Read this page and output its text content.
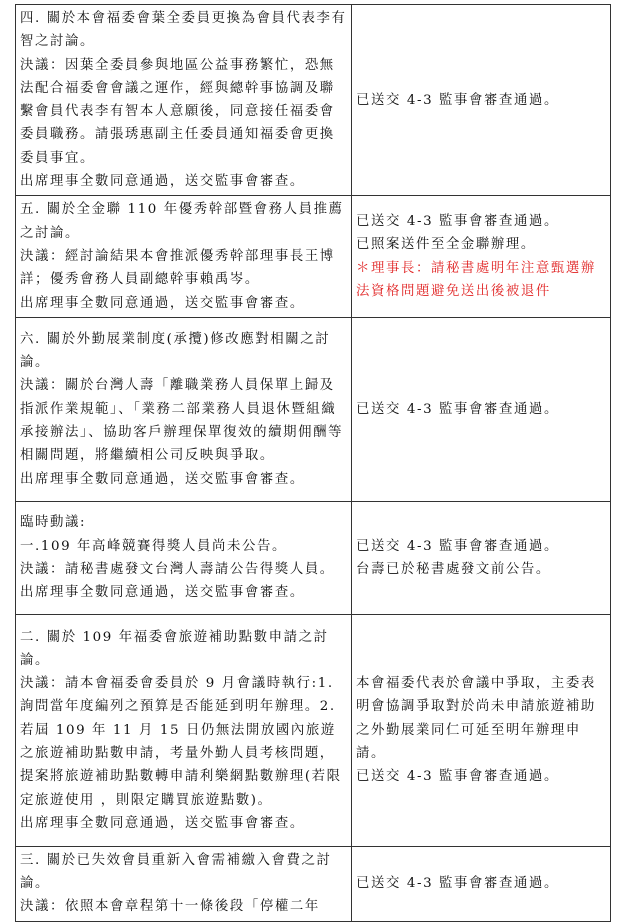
四. 關於本會福委會葉全委員更換為會員代表李有智之討論。
決議：因葉全委員參與地區公益事務繁忙，恐無法配合福委會會議之運作，經與總幹事協調及聯繫會員代表李有智本人意願後，同意接任福委會委員職務。請張琇惠副主任委員通知福委會更換委員事宜。
出席理事全數同意通過，送交監事會審查。	已送交 4-3 監事會審查通過。

五. 關於全金聯 110 年優秀幹部暨會務人員推薦之討論。
決議：經討論結果本會推派優秀幹部理事長王博詳；優秀會務人員副總幹事賴禹岑。
出席理事全數同意通過，送交監事會審查。	已送交 4-3 監事會審查通過。
已照案送件至全金聯辦理。
＊理事長：請秘書處明年注意甄選辦法資格問題避免送出後被退件

六. 關於外勤展業制度(承攬)修改應對相關之討論。
決議：關於台灣人壽「離職業務人員保單上歸及指派作業規範」、「業務二部業務人員退休暨組織承接辦法」、協助客戶辦理保單復效的續期佣酬等相關問題，將繼續相公司反映與爭取。
出席理事全數同意通過，送交監事會審查。	已送交 4-3 監事會審查通過。

臨時動議:
一.109 年高峰競賽得獎人員尚未公告。
決議：請秘書處發文台灣人壽請公告得獎人員。
出席理事全數同意通過，送交監事會審查。	已送交 4-3 監事會審查通過。
台壽已於秘書處發文前公告。

二. 關於 109 年福委會旅遊補助點數申請之討論。
決議：請本會福委會委員於 9 月會議時執行:1.詢問當年度編列之預算是否能延到明年辦理。2.若屆 109 年 11 月 15 日仍無法開放國內旅遊之旅遊補助點數申請，考量外勤人員考核問題，提案將旅遊補助點數轉申請利樂網點數辦理(若限定旅遊使用 ，則限定購買旅遊點數)。
出席理事全數同意通過，送交監事會審查。	本會福委代表於會議中爭取，主委表明會協調爭取對於尚未申請旅遊補助之外勤展業同仁可延至明年辦理申請。
已送交 4-3 監事會審查通過。

三. 關於已失效會員重新入會需補繳入會費之討論。
決議：依照本會章程第十一條後段「停權二年	已送交 4-3 監事會審查通過。
